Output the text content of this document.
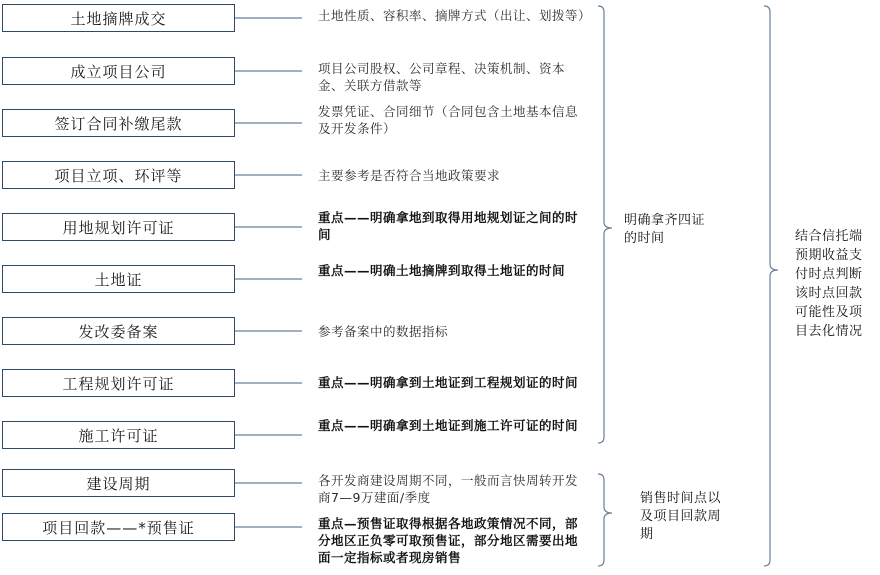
土地摘牌成交
成立项目公司
签订合同补缴尾款
项目立项、环评等
用地规划许可证
土地证
发改委备案
工程规划许可证
施工许可证
建设周期
项目回款——*预售证
土地性质、容积率、摘牌方式（出让、划拨等）
项目公司股权、公司章程、决策机制、资本金、关联方借款等
发票凭证、合同细节（合同包含土地基本信息及开发条件）
主要参考是否符合当地政策要求
重点——明确拿地到取得用地规划证之间的时间
重点——明确土地摘牌到取得土地证的时间
参考备案中的数据指标
重点——明确拿到土地证到工程规划证的时间
重点——明确拿到土地证到施工许可证的时间
各开发商建设周期不同，一般而言快周转开发商7—9万建面/季度
重点—预售证取得根据各地政策情况不同，部分地区正负零可取预售证，部分地区需要出地面一定指标或者现房销售
明确拿齐四证的时间
销售时间点以及项目回款周期
结合信托端预期收益支付时点判断该时点回款可能性及项目去化情况
